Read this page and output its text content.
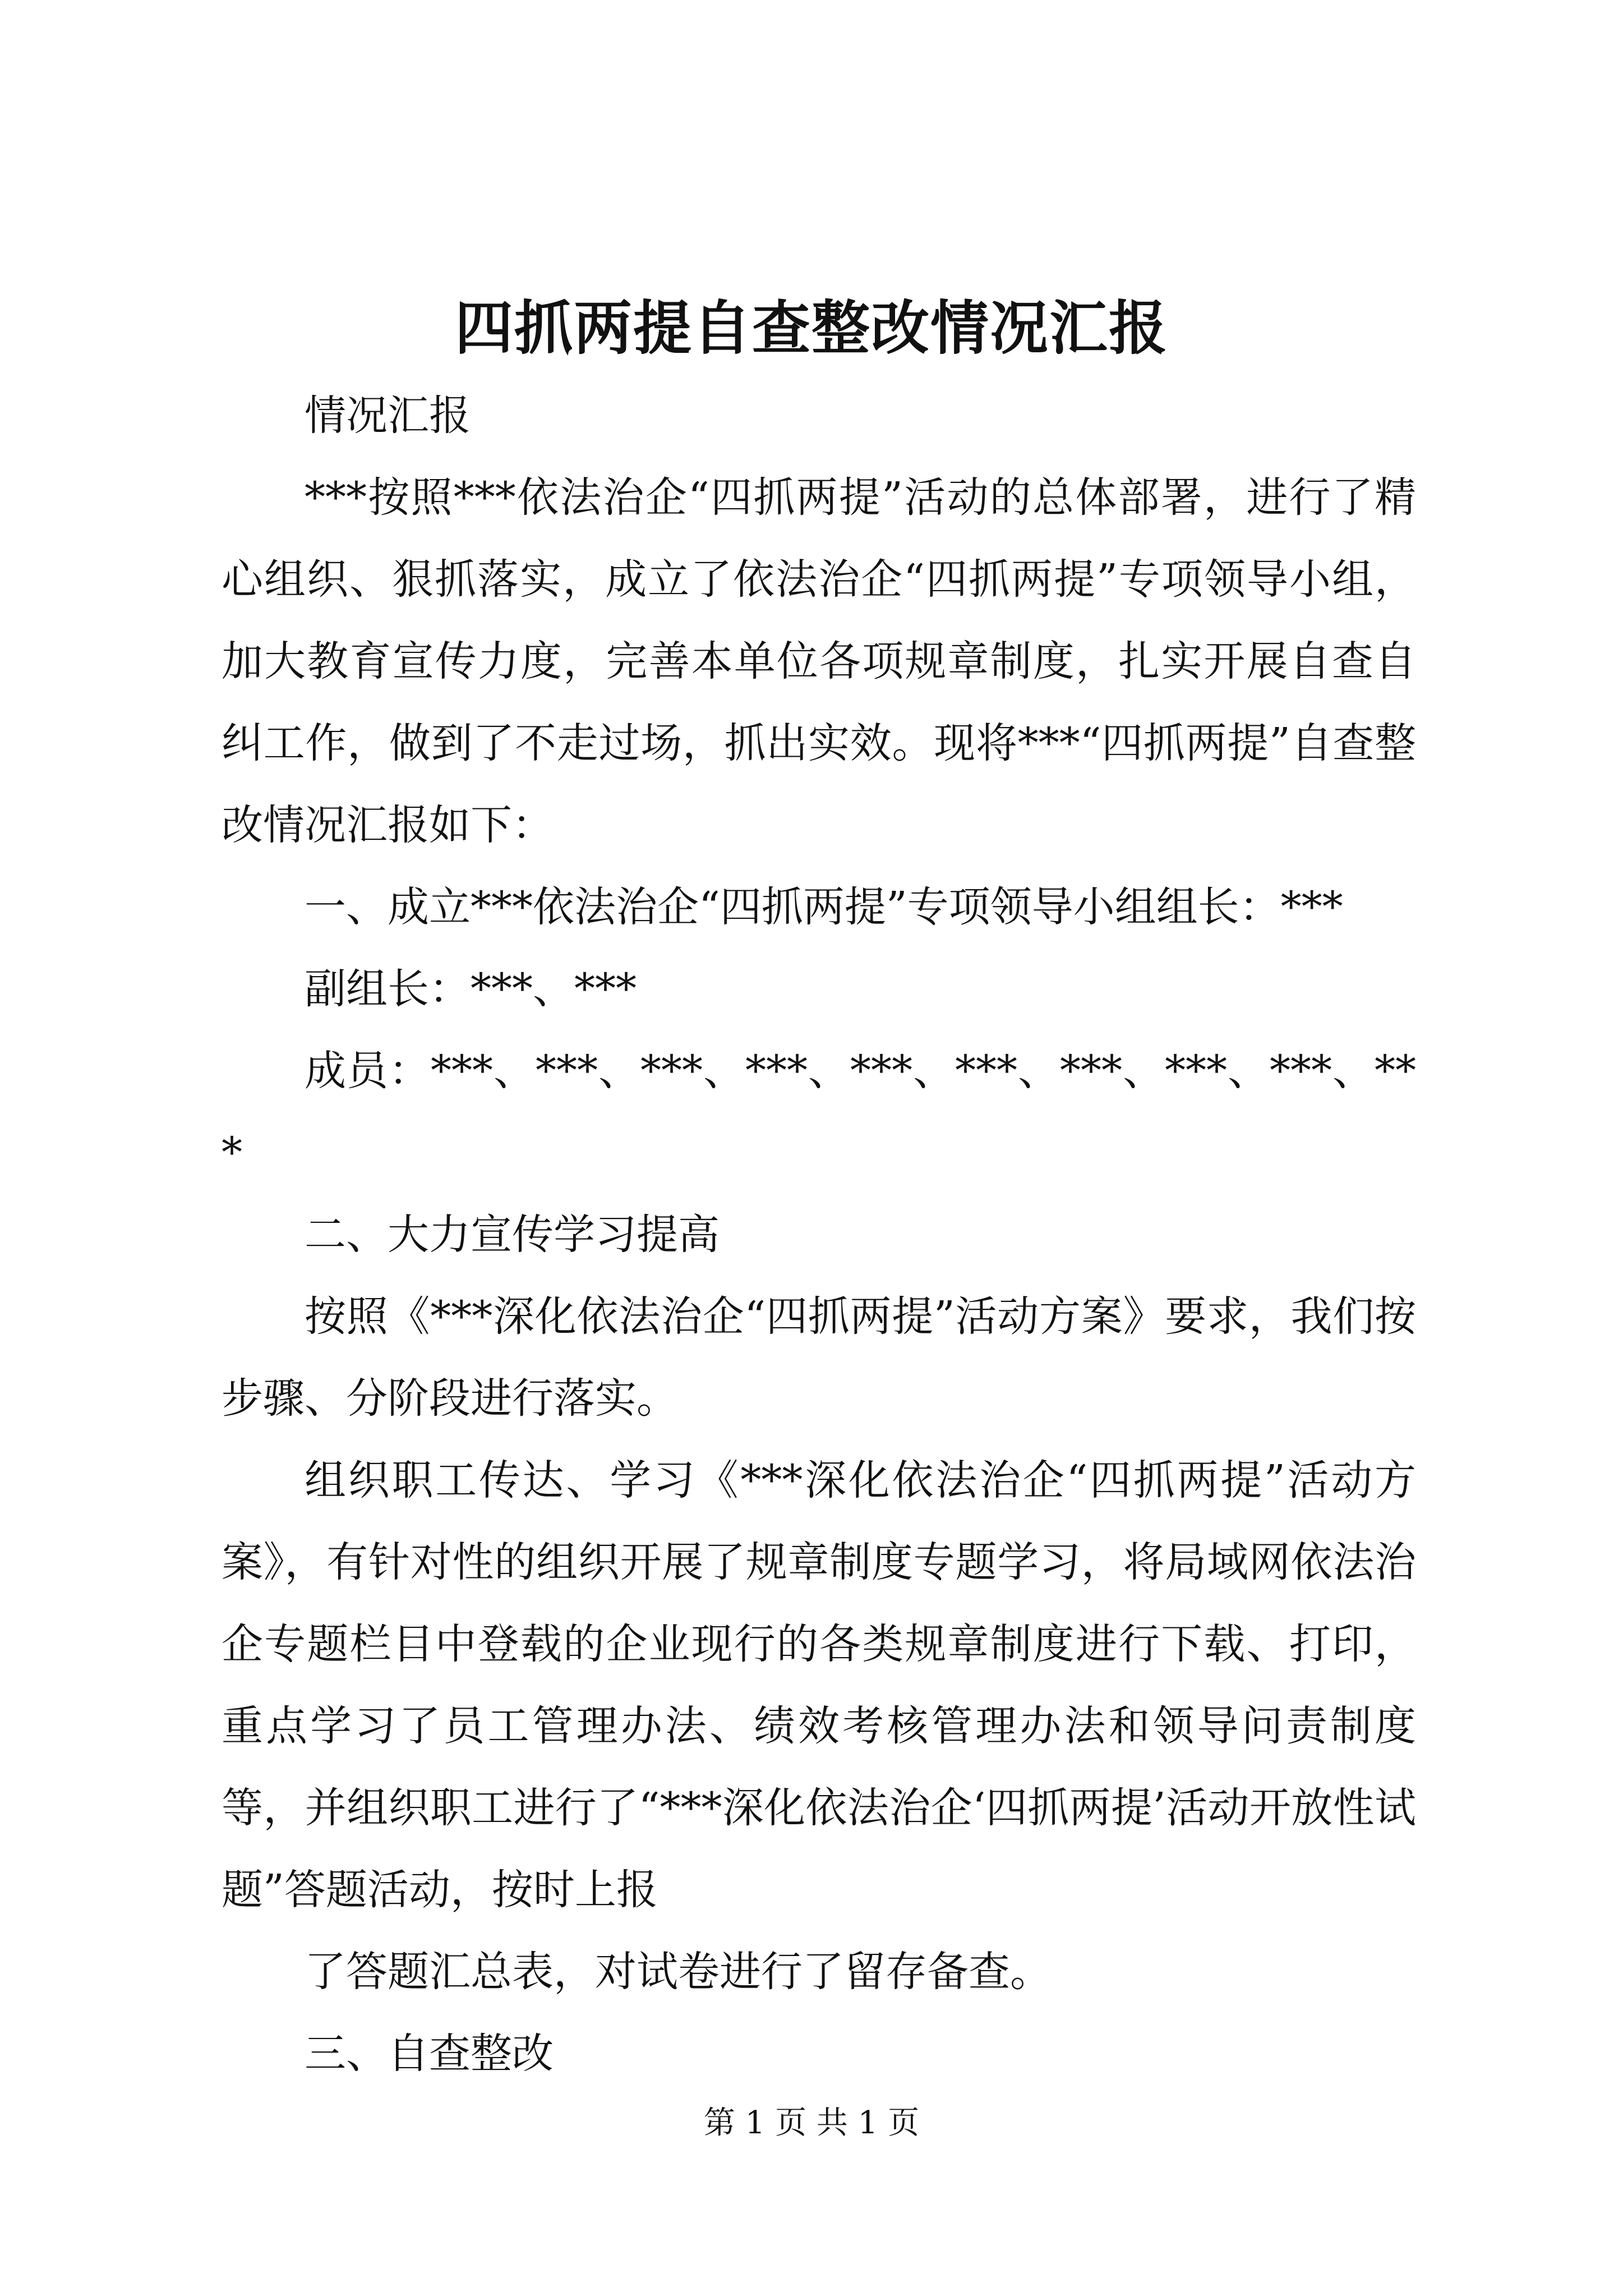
四抓两提自查整改情况汇报

情况汇报

***按照***依法治企“四抓两提”活动的总体部署，进行了精心组织、狠抓落实，成立了依法治企“四抓两提”专项领导小组，加大教育宣传力度，完善本单位各项规章制度，扎实开展自查自纠工作，做到了不走过场，抓出实效。现将***“四抓两提”自查整改情况汇报如下：

一、成立***依法治企“四抓两提”专项领导小组组长：***

副组长：***、***

成员：***、***、***、***、***、***、***、***、***、***

二、大力宣传学习提高

按照《***深化依法治企“四抓两提”活动方案》要求，我们按步骤、分阶段进行落实。

组织职工传达、学习《***深化依法治企“四抓两提”活动方案》，有针对性的组织开展了规章制度专题学习，将局域网依法治企专题栏目中登载的企业现行的各类规章制度进行下载、打印，重点学习了员工管理办法、绩效考核管理办法和领导问责制度等，并组织职工进行了“***深化依法治企‘四抓两提’活动开放性试题”答题活动，按时上报

了答题汇总表，对试卷进行了留存备查。

三、自查整改

第 1 页 共 1 页
